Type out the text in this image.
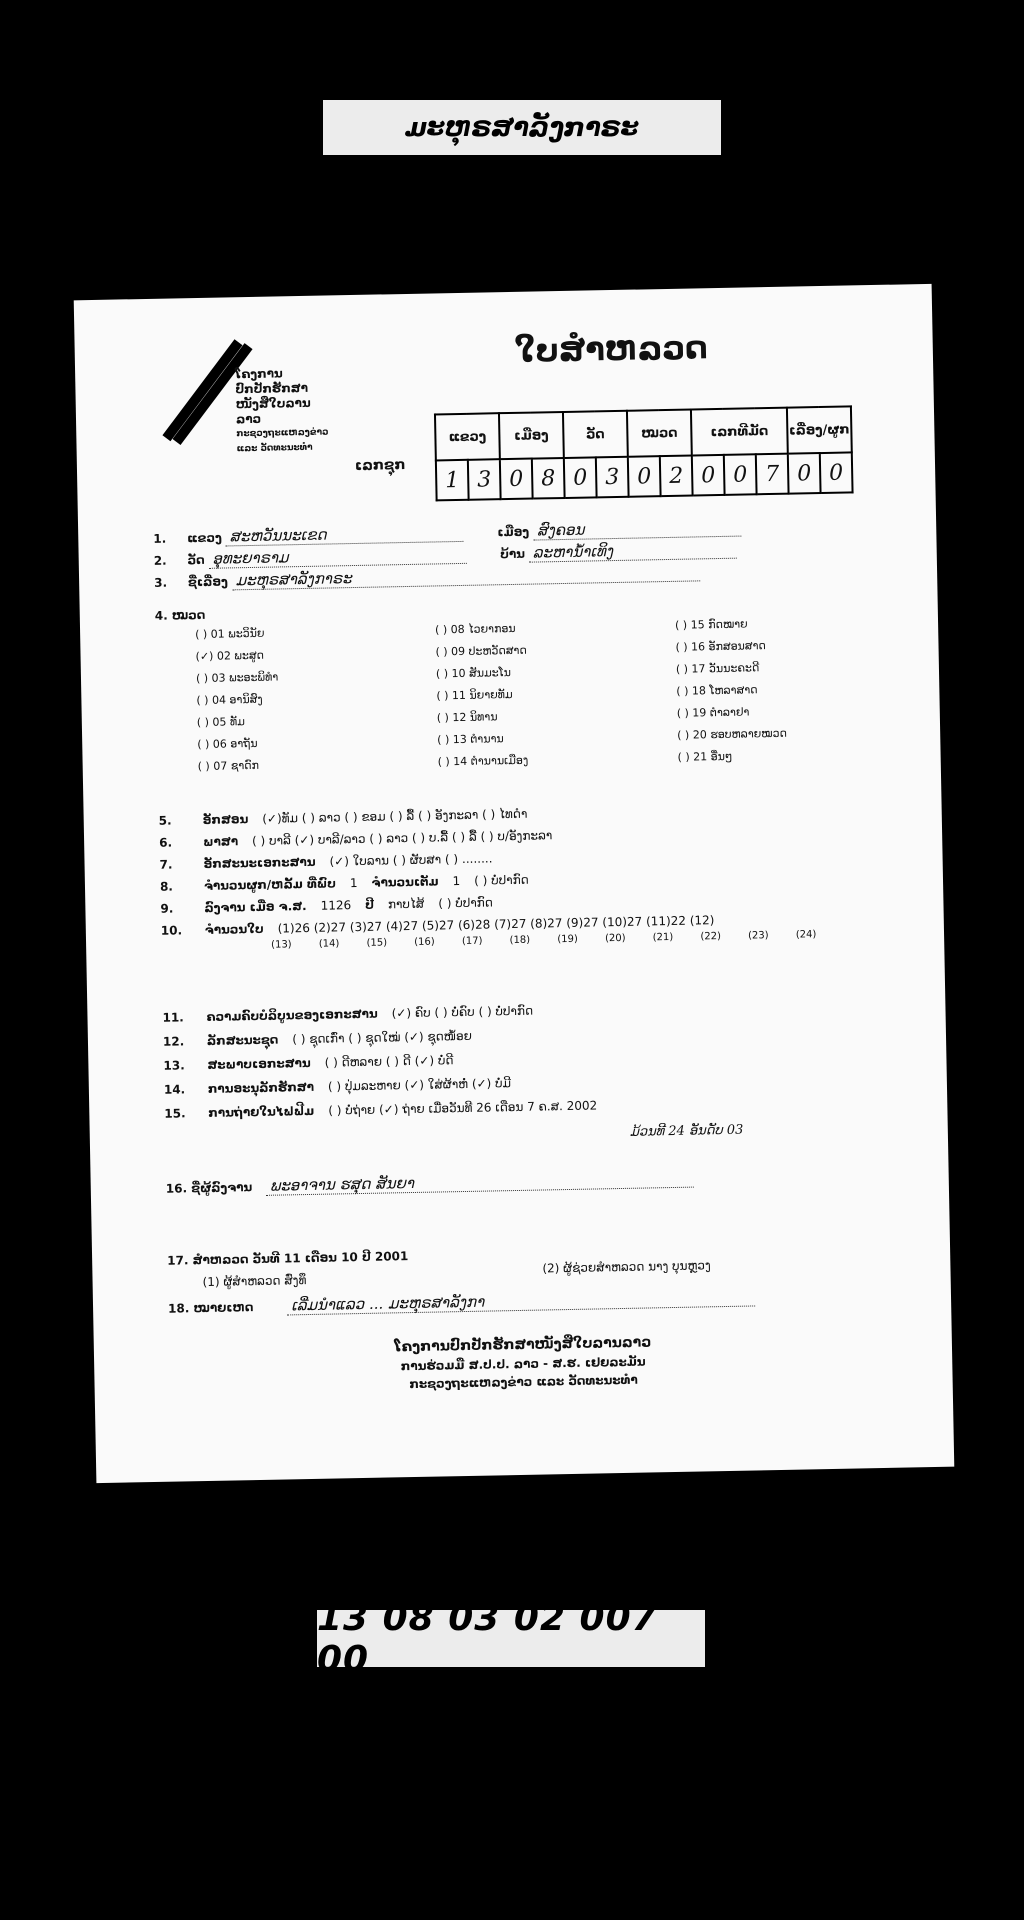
ມະຫຸຣສາລັງກາຣະ
ໂຄງການ
ປົກປັກຮັກສາ
ໜັງສືໃບລານລາວ
ກະຊວງຖະແຫລງຂ່າວ ແລະ ວັດທະນະທຳ
ໃບສຳຫລວດ
ເລກຊຸກ
ແຂວງ		ເມືອງ		ວັດ		ໝວດ		ເລກທີມັດ			ເລື່ອງ/ຜູກ	
1	3	0	8	0	3	0	2	0	0	7	0	0
1. ແຂວງ ສະຫວັນນະເຂດ	ເມືອງ ສົງຄອນ
2. ວັດ ອຸທະຍາຣາມ	ບ້ານ ລະຫານໍ້າເທິງ
3. ຊື່ເລື່ອງ ມະຫຸຣສາລັງກາຣະ
4. ໝວດ
( ) 01 ພະວິນັຍ	( ) 08 ໄວຍາກອນ	( ) 15 ກົດໝາຍ
(✓) 02 ພະສູດ	( ) 09 ປະຫວັດສາດ	( ) 16 ອັກສອນສາດ
( ) 03 ພະອະພິທຳ	( ) 10 ສັນມະໂນ	( ) 17 ວັນນະຄະດີ
( ) 04 ອານິສົງ	( ) 11 ນິຍາຍທັມ	( ) 18 ໂຫລາສາດ
( ) 05 ທັມ	( ) 12 ນິທານ	( ) 19 ຕຳລາຢາ
( ) 06 ອາຖັນ	( ) 13 ຕຳນານ	( ) 20 ຮອບຫລາຍໝວດ
( ) 07 ຊາດົກ	( ) 14 ຕຳນານເມືອງ	( ) 21 ອື່ນໆ
5.	ອັກສອນ (✓)ທັມ ( ) ລາວ ( ) ຂອມ ( ) ລື້ ( ) ອັງກະລາ ( ) ໄທດຳ
6.	ພາສາ ( ) ບາລີ (✓) ບາລີ/ລາວ ( ) ລາວ ( ) ບ.ລື້ ( ) ລື້ ( ) ບ/ອັງກະລາ
7.	ອັກສະນະເອກະສານ (✓) ໃບລານ ( ) ຜັບສາ ( ) ........
8.	ຈຳນວນຜູກ/ຫລັ້ມ ທີ່ພົບ 1 ຈຳນວນເຕັມ 1 ( ) ບໍ່ປາກົດ
9.	ລົງຈານ ເມື່ອ ຈ.ສ. 1126 ປີ ກາບໄສ້ ( ) ບໍ່ປາກົດ
10. ຈຳນວນໃບ (1)26 (2)27 (3)27 (4)27 (5)27 (6)28 (7)27 (8)27 (9)27 (10)27 (11)22 (12)
(13) (14) (15) (16) (17) (18) (19) (20) (21) (22) (23) (24)
11. ຄວາມຄົບບໍລິບູນຂອງເອກະສານ (✓) ຄົບ ( ) ບໍ່ຄົບ ( ) ບໍ່ປາກົດ
12. ລັກສະນະຊຸດ ( ) ຊຸດເກົ່າ ( ) ຊຸດໃໝ່ (✓) ຊຸດໜໍ້ອຍ
13. ສະພາບເອກະສານ ( ) ດີຫລາຍ ( ) ດີ (✓) ບໍ່ດີ
14. ການອະນຸລັກຮັກສາ ( ) ປຸ່ມລະຫາຍ (✓) ໃສ່ຜ້າຫໍ່ (✓) ບໍ່ມີ
15. ການຖ່າຍໃນໄຟຟີມ ( ) ບໍ່ຖ່າຍ (✓) ຖ່າຍ ເມື່ອວັນທີ 26 ເດືອນ 7 ຄ.ສ. 2002
ມ້ວນທີ 24 ອັນດັບ 03
16. ຊື່ຜູ້ລົງຈານ ພະອາຈານ ຮສຸດ ສັນຍາ
17. ສຳຫລວດ ວັນທີ 11 ເດືອນ 10 ປີ 2001
(1) ຜູ້ສຳຫລວດ ສົ່ງທຶ
(2) ຜູ້ຊ່ວຍສຳຫລວດ ນາງ ບຸນຫຼວງ
18. ໝາຍເຫດ ເລີ່ມນໍາແລວ ... ມະຫຸຣສາລັງກາ
ໂຄງການປົກປັກຮັກສາໜັງສືໃບລານລາວ
ການຮ່ວມມື ສ.ປ.ປ. ລາວ - ສ.ຮ. ເຢຍລະມັນ
ກະຊວງຖະແຫລງຂ່າວ ແລະ ວັດທະນະທຳ
13 08 03 02 007 00
